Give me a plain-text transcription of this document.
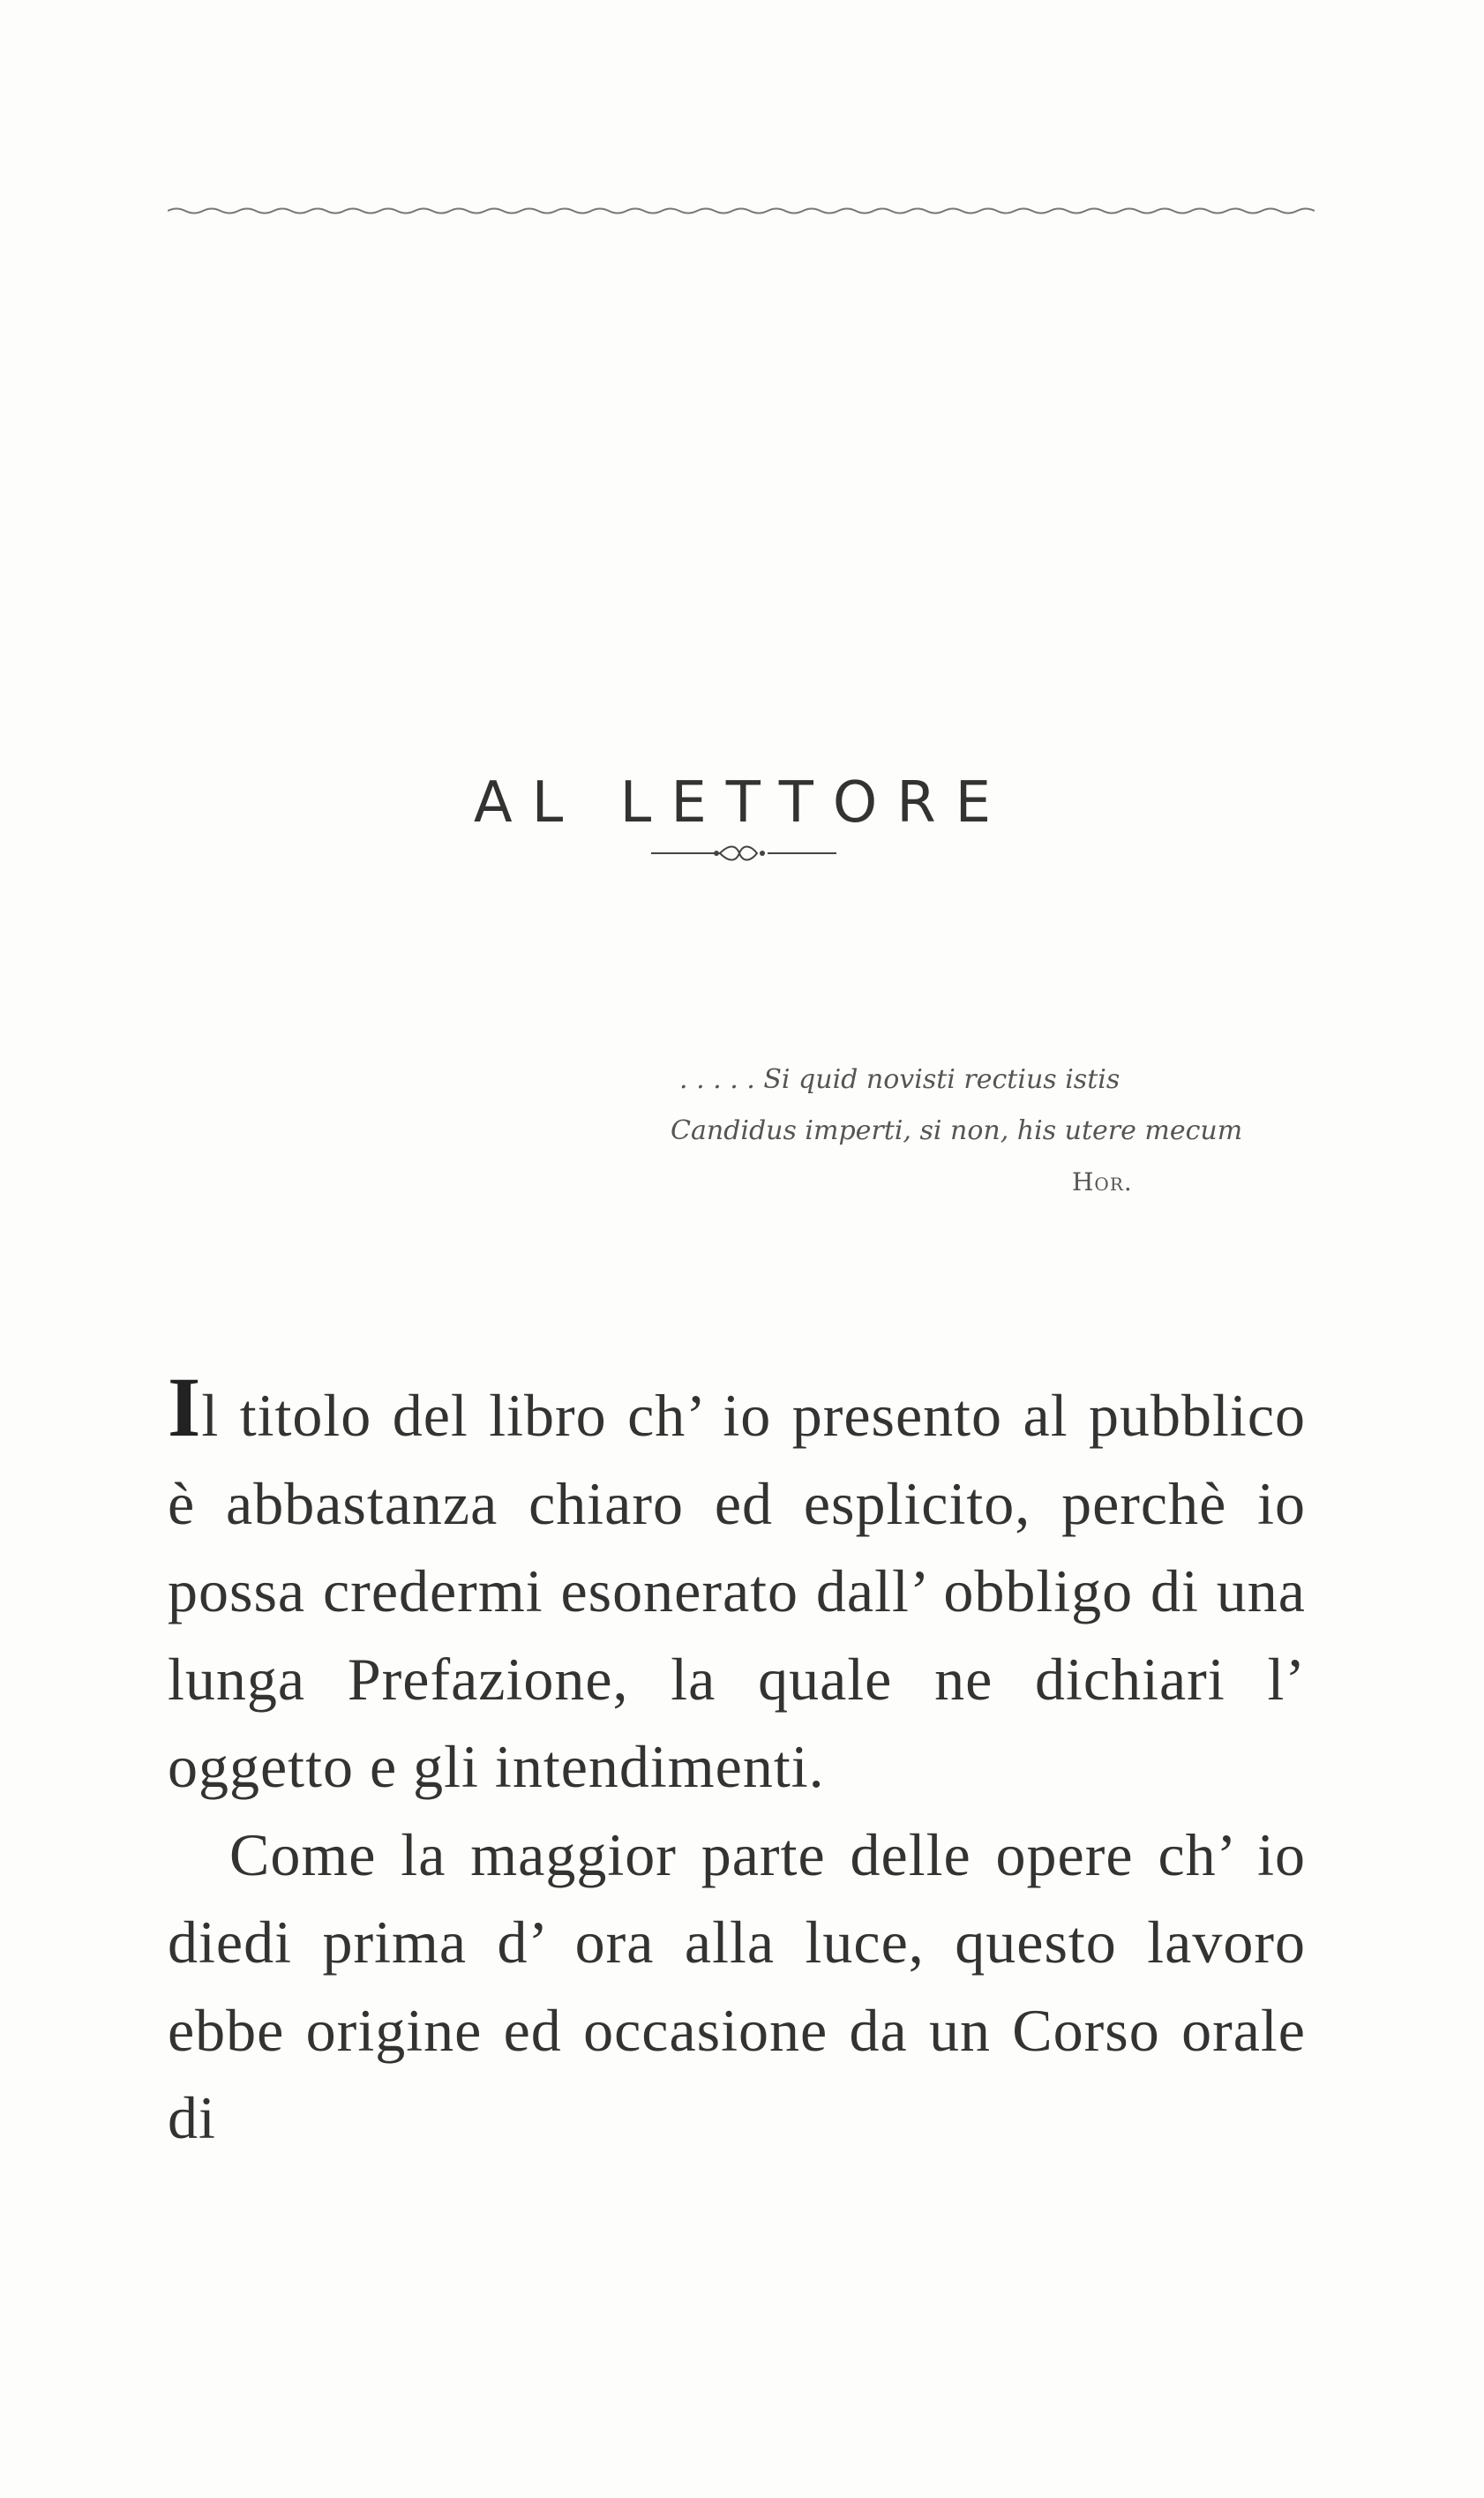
AL LETTORE
. . . . . Si quid novisti rectius istis
Candidus imperti, si non, his utere mecum
Hor.

Il titolo del libro ch’ io presento al pubblico è abbastanza chiaro ed esplicito, perchè io possa credermi esonerato dall’ obbligo di una lunga Prefazione, la quale ne dichiari l’ oggetto e gli intendimenti.

Come la maggior parte delle opere ch’ io diedi prima d’ ora alla luce, questo lavoro ebbe origine ed occasione da un Corso orale di
